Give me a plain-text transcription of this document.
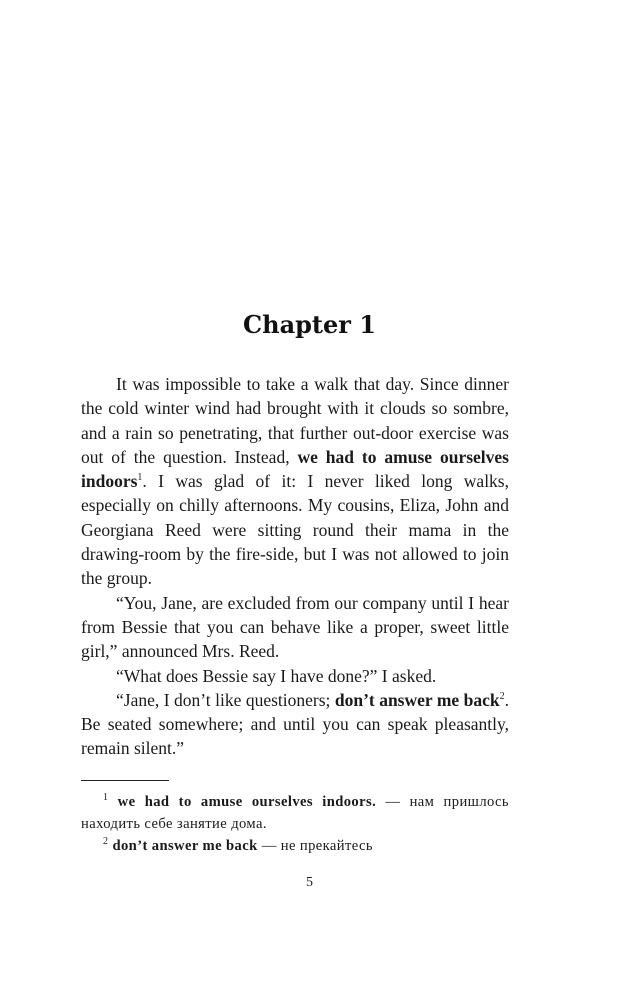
Chapter 1

It was impossible to take a walk that day. Since dinner the cold winter wind had brought with it clouds so sombre, and a rain so penetrating, that further out-door exercise was out of the question. Instead, we had to amuse ourselves indoors$^1$. I was glad of it: I never liked long walks, especially on chilly afternoons. My cousins, Eliza, John and Georgiana Reed were sitting round their mama in the drawing-room by the fire-side, but I was not allowed to join the group.

“You, Jane, are excluded from our company until I hear from Bessie that you can behave like a proper, sweet little girl,” announced Mrs. Reed.

“What does Bessie say I have done?” I asked.

“Jane, I don’t like questioners; don’t answer me back$^2$. Be seated somewhere; and until you can speak pleasantly, remain silent.”

$^1$ we had to amuse ourselves indoors. — нам пришлось находить себе занятие дома.

$^2$ don’t answer me back — не прекайтесь

5
